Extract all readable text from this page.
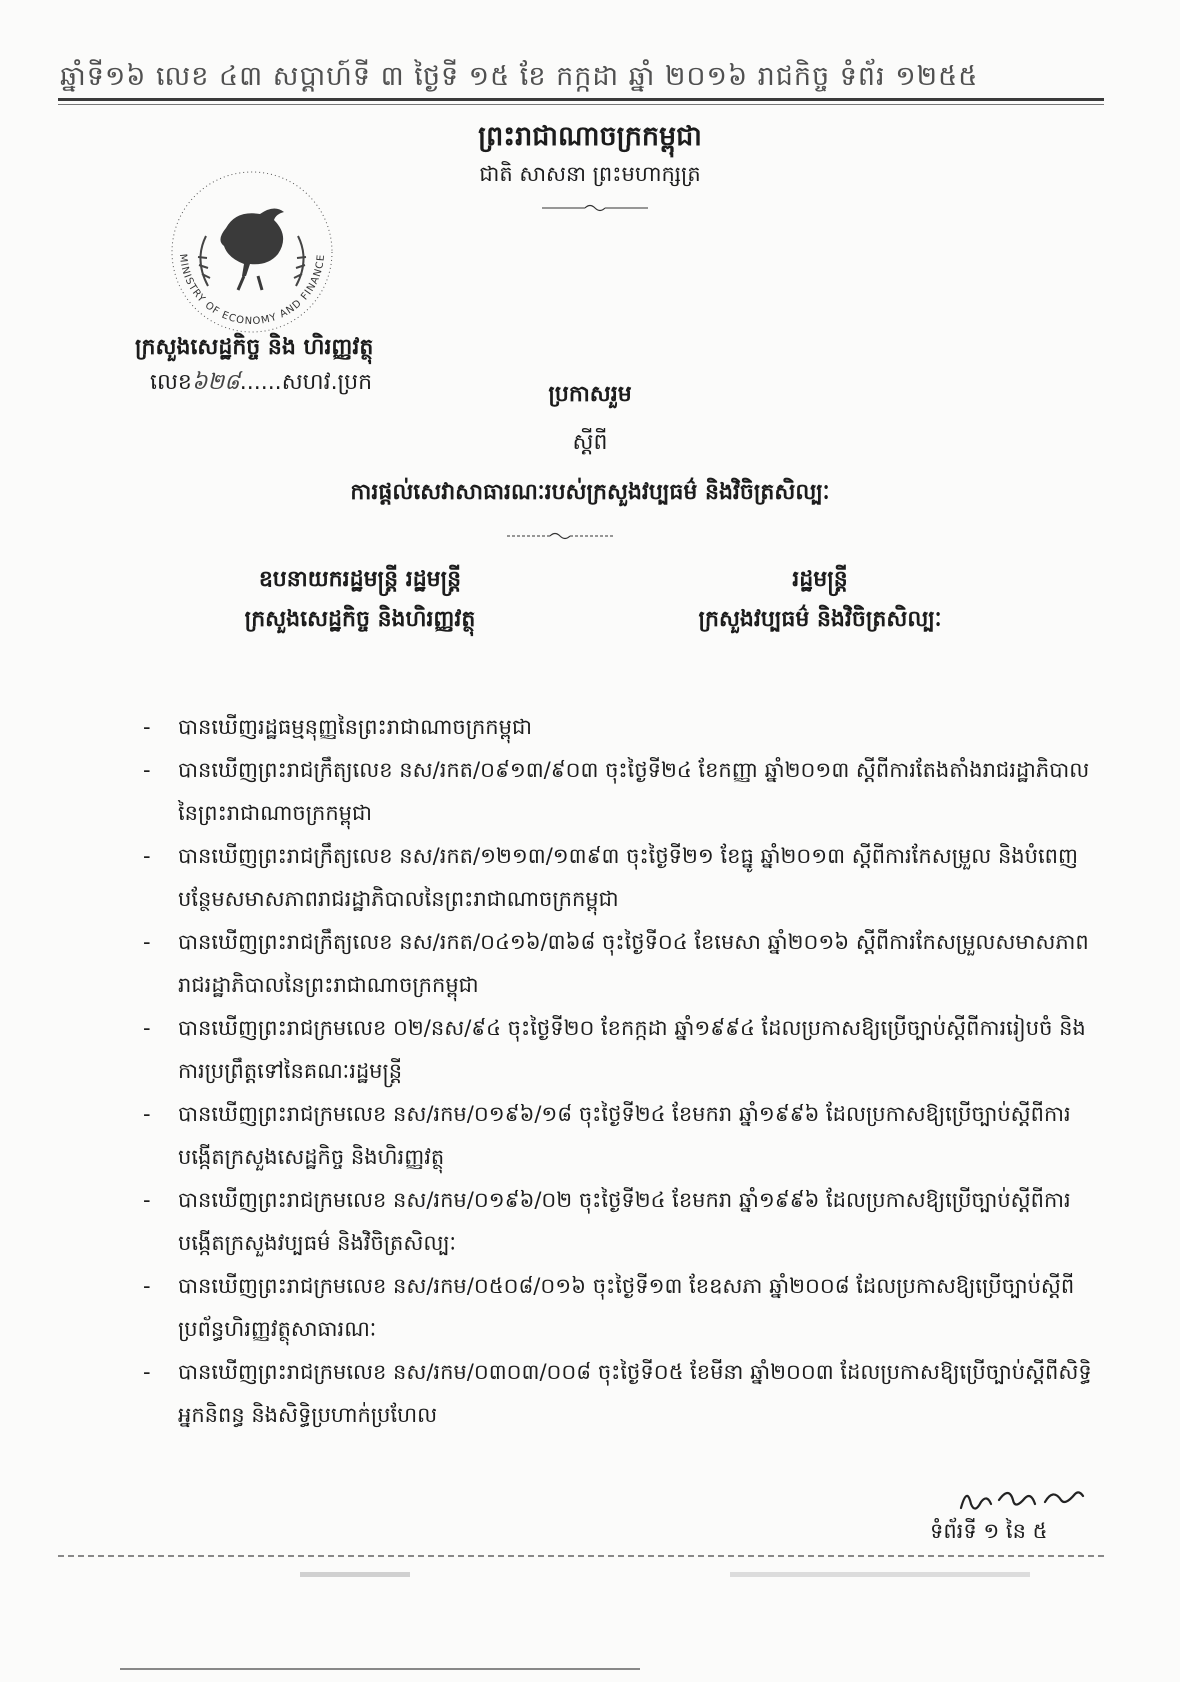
ឆ្នាំទី១៦ លេខ ៤៣ សប្តាហ៍ទី ៣ ថ្ងៃទី ១៥ ខែ កក្កដា ឆ្នាំ ២០១៦ រាជកិច្ច ទំព័រ ១២៥៥
ព្រះរាជាណាចក្រកម្ពុជា
ជាតិ សាសនា ព្រះមហាក្សត្រ
MINISTRY OF ECONOMY AND FINANCE
ក្រសួងសេដ្ឋកិច្ច និង ហិរញ្ញវត្ថុ
លេខ៦២៨......សហវ.ប្រក	ប្រកាសរួម
ស្តីពី
ការផ្តល់សេវាសាធារណៈរបស់ក្រសួងវប្បធម៌ និងវិចិត្រសិល្បៈ
ឧបនាយករដ្ឋមន្ត្រី រដ្ឋមន្ត្រី
ក្រសួងសេដ្ឋកិច្ច និងហិរញ្ញវត្ថុ
រដ្ឋមន្ត្រី
ក្រសួងវប្បធម៌ និងវិចិត្រសិល្បៈ
- បានឃើញរដ្ឋធម្មនុញ្ញនៃព្រះរាជាណាចក្រកម្ពុជា
- បានឃើញព្រះរាជក្រឹត្យលេខ នស/រកត/០៩១៣/៩០៣ ចុះថ្ងៃទី២៤ ខែកញ្ញា ឆ្នាំ២០១៣ ស្តីពីការតែងតាំងរាជរដ្ឋាភិបាលនៃព្រះរាជាណាចក្រកម្ពុជា
- បានឃើញព្រះរាជក្រឹត្យលេខ នស/រកត/១២១៣/១៣៩៣ ចុះថ្ងៃទី២១ ខែធ្នូ ឆ្នាំ២០១៣ ស្តីពីការកែសម្រួល និងបំពេញបន្ថែមសមាសភាពរាជរដ្ឋាភិបាលនៃព្រះរាជាណាចក្រកម្ពុជា
- បានឃើញព្រះរាជក្រឹត្យលេខ នស/រកត/០៤១៦/៣៦៨ ចុះថ្ងៃទី០៤ ខែមេសា ឆ្នាំ២០១៦ ស្តីពីការកែសម្រួលសមាសភាពរាជរដ្ឋាភិបាលនៃព្រះរាជាណាចក្រកម្ពុជា
- បានឃើញព្រះរាជក្រមលេខ ០២/នស/៩៤ ចុះថ្ងៃទី២០ ខែកក្កដា ឆ្នាំ១៩៩៤ ដែលប្រកាសឱ្យប្រើច្បាប់ស្តីពីការរៀបចំ និងការប្រព្រឹត្តទៅនៃគណៈរដ្ឋមន្ត្រី
- បានឃើញព្រះរាជក្រមលេខ នស/រកម/០១៩៦/១៨ ចុះថ្ងៃទី២៤ ខែមករា ឆ្នាំ១៩៩៦ ដែលប្រកាសឱ្យប្រើច្បាប់ស្តីពីការបង្កើតក្រសួងសេដ្ឋកិច្ច និងហិរញ្ញវត្ថុ
- បានឃើញព្រះរាជក្រមលេខ នស/រកម/០១៩៦/០២ ចុះថ្ងៃទី២៤ ខែមករា ឆ្នាំ១៩៩៦ ដែលប្រកាសឱ្យប្រើច្បាប់ស្តីពីការបង្កើតក្រសួងវប្បធម៌ និងវិចិត្រសិល្បៈ
- បានឃើញព្រះរាជក្រមលេខ នស/រកម/០៥០៨/០១៦ ចុះថ្ងៃទី១៣ ខែឧសភា ឆ្នាំ២០០៨ ដែលប្រកាសឱ្យប្រើច្បាប់ស្តីពីប្រព័ន្ធហិរញ្ញវត្ថុសាធារណៈ
- បានឃើញព្រះរាជក្រមលេខ នស/រកម/០៣០៣/០០៨ ចុះថ្ងៃទី០៥ ខែមីនា ឆ្នាំ២០០៣ ដែលប្រកាសឱ្យប្រើច្បាប់ស្តីពីសិទ្ធិអ្នកនិពន្ធ និងសិទ្ធិប្រហាក់ប្រហែល
ទំព័រទី ១ នៃ ៥
